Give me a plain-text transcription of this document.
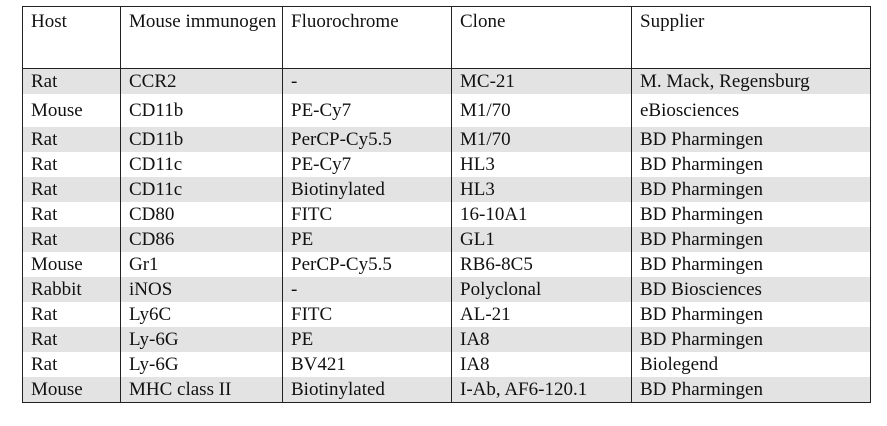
Host	Mouse immunogen	Fluorochrome	Clone	Supplier
Rat	CCR2	-	MC-21	M. Mack, Regensburg
Mouse	CD11b	PE-Cy7	M1/70	eBiosciences
Rat	CD11b	PerCP-Cy5.5	M1/70	BD Pharmingen
Rat	CD11c	PE-Cy7	HL3	BD Pharmingen
Rat	CD11c	Biotinylated	HL3	BD Pharmingen
Rat	CD80	FITC	16-10A1	BD Pharmingen
Rat	CD86	PE	GL1	BD Pharmingen
Mouse	Gr1	PerCP-Cy5.5	RB6-8C5	BD Pharmingen
Rabbit	iNOS	-	Polyclonal	BD Biosciences
Rat	Ly6C	FITC	AL-21	BD Pharmingen
Rat	Ly-6G	PE	IA8	BD Pharmingen
Rat	Ly-6G	BV421	IA8	Biolegend
Mouse	MHC class II	Biotinylated	I-Ab, AF6-120.1	BD Pharmingen
